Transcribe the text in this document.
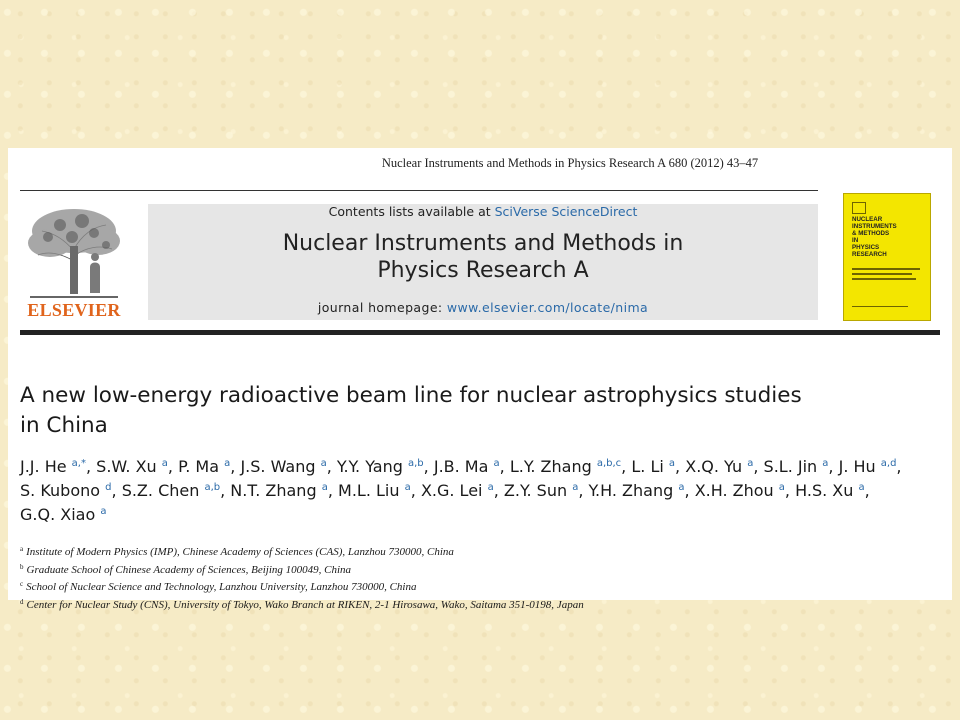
Nuclear Instruments and Methods in Physics Research A 680 (2012) 43–47
ELSEVIER
Contents lists available at SciVerse ScienceDirect
Nuclear Instruments and Methods in
Physics Research A
journal homepage: www.elsevier.com/locate/nima
NUCLEAR
INSTRUMENTS
& METHODS
IN
PHYSICS
RESEARCH
A new low-energy radioactive beam line for nuclear astrophysics studies
in China
J.J. He $^{a,*}$, S.W. Xu $^a$, P. Ma $^a$, J.S. Wang $^a$, Y.Y. Yang $^{a,b}$, J.B. Ma $^a$, L.Y. Zhang $^{a,b,c}$, L. Li $^a$, X.Q. Yu $^a$, S.L. Jin $^a$, J. Hu $^{a,d}$, S. Kubono $^d$, S.Z. Chen $^{a,b}$, N.T. Zhang $^a$, M.L. Liu $^a$, X.G. Lei $^a$, Z.Y. Sun $^a$, Y.H. Zhang $^a$, X.H. Zhou $^a$, H.S. Xu $^a$, G.Q. Xiao $^a$
$^a$ Institute of Modern Physics (IMP), Chinese Academy of Sciences (CAS), Lanzhou 730000, China
$^b$ Graduate School of Chinese Academy of Sciences, Beijing 100049, China
$^c$ School of Nuclear Science and Technology, Lanzhou University, Lanzhou 730000, China
$^d$ Center for Nuclear Study (CNS), University of Tokyo, Wako Branch at RIKEN, 2-1 Hirosawa, Wako, Saitama 351-0198, Japan
